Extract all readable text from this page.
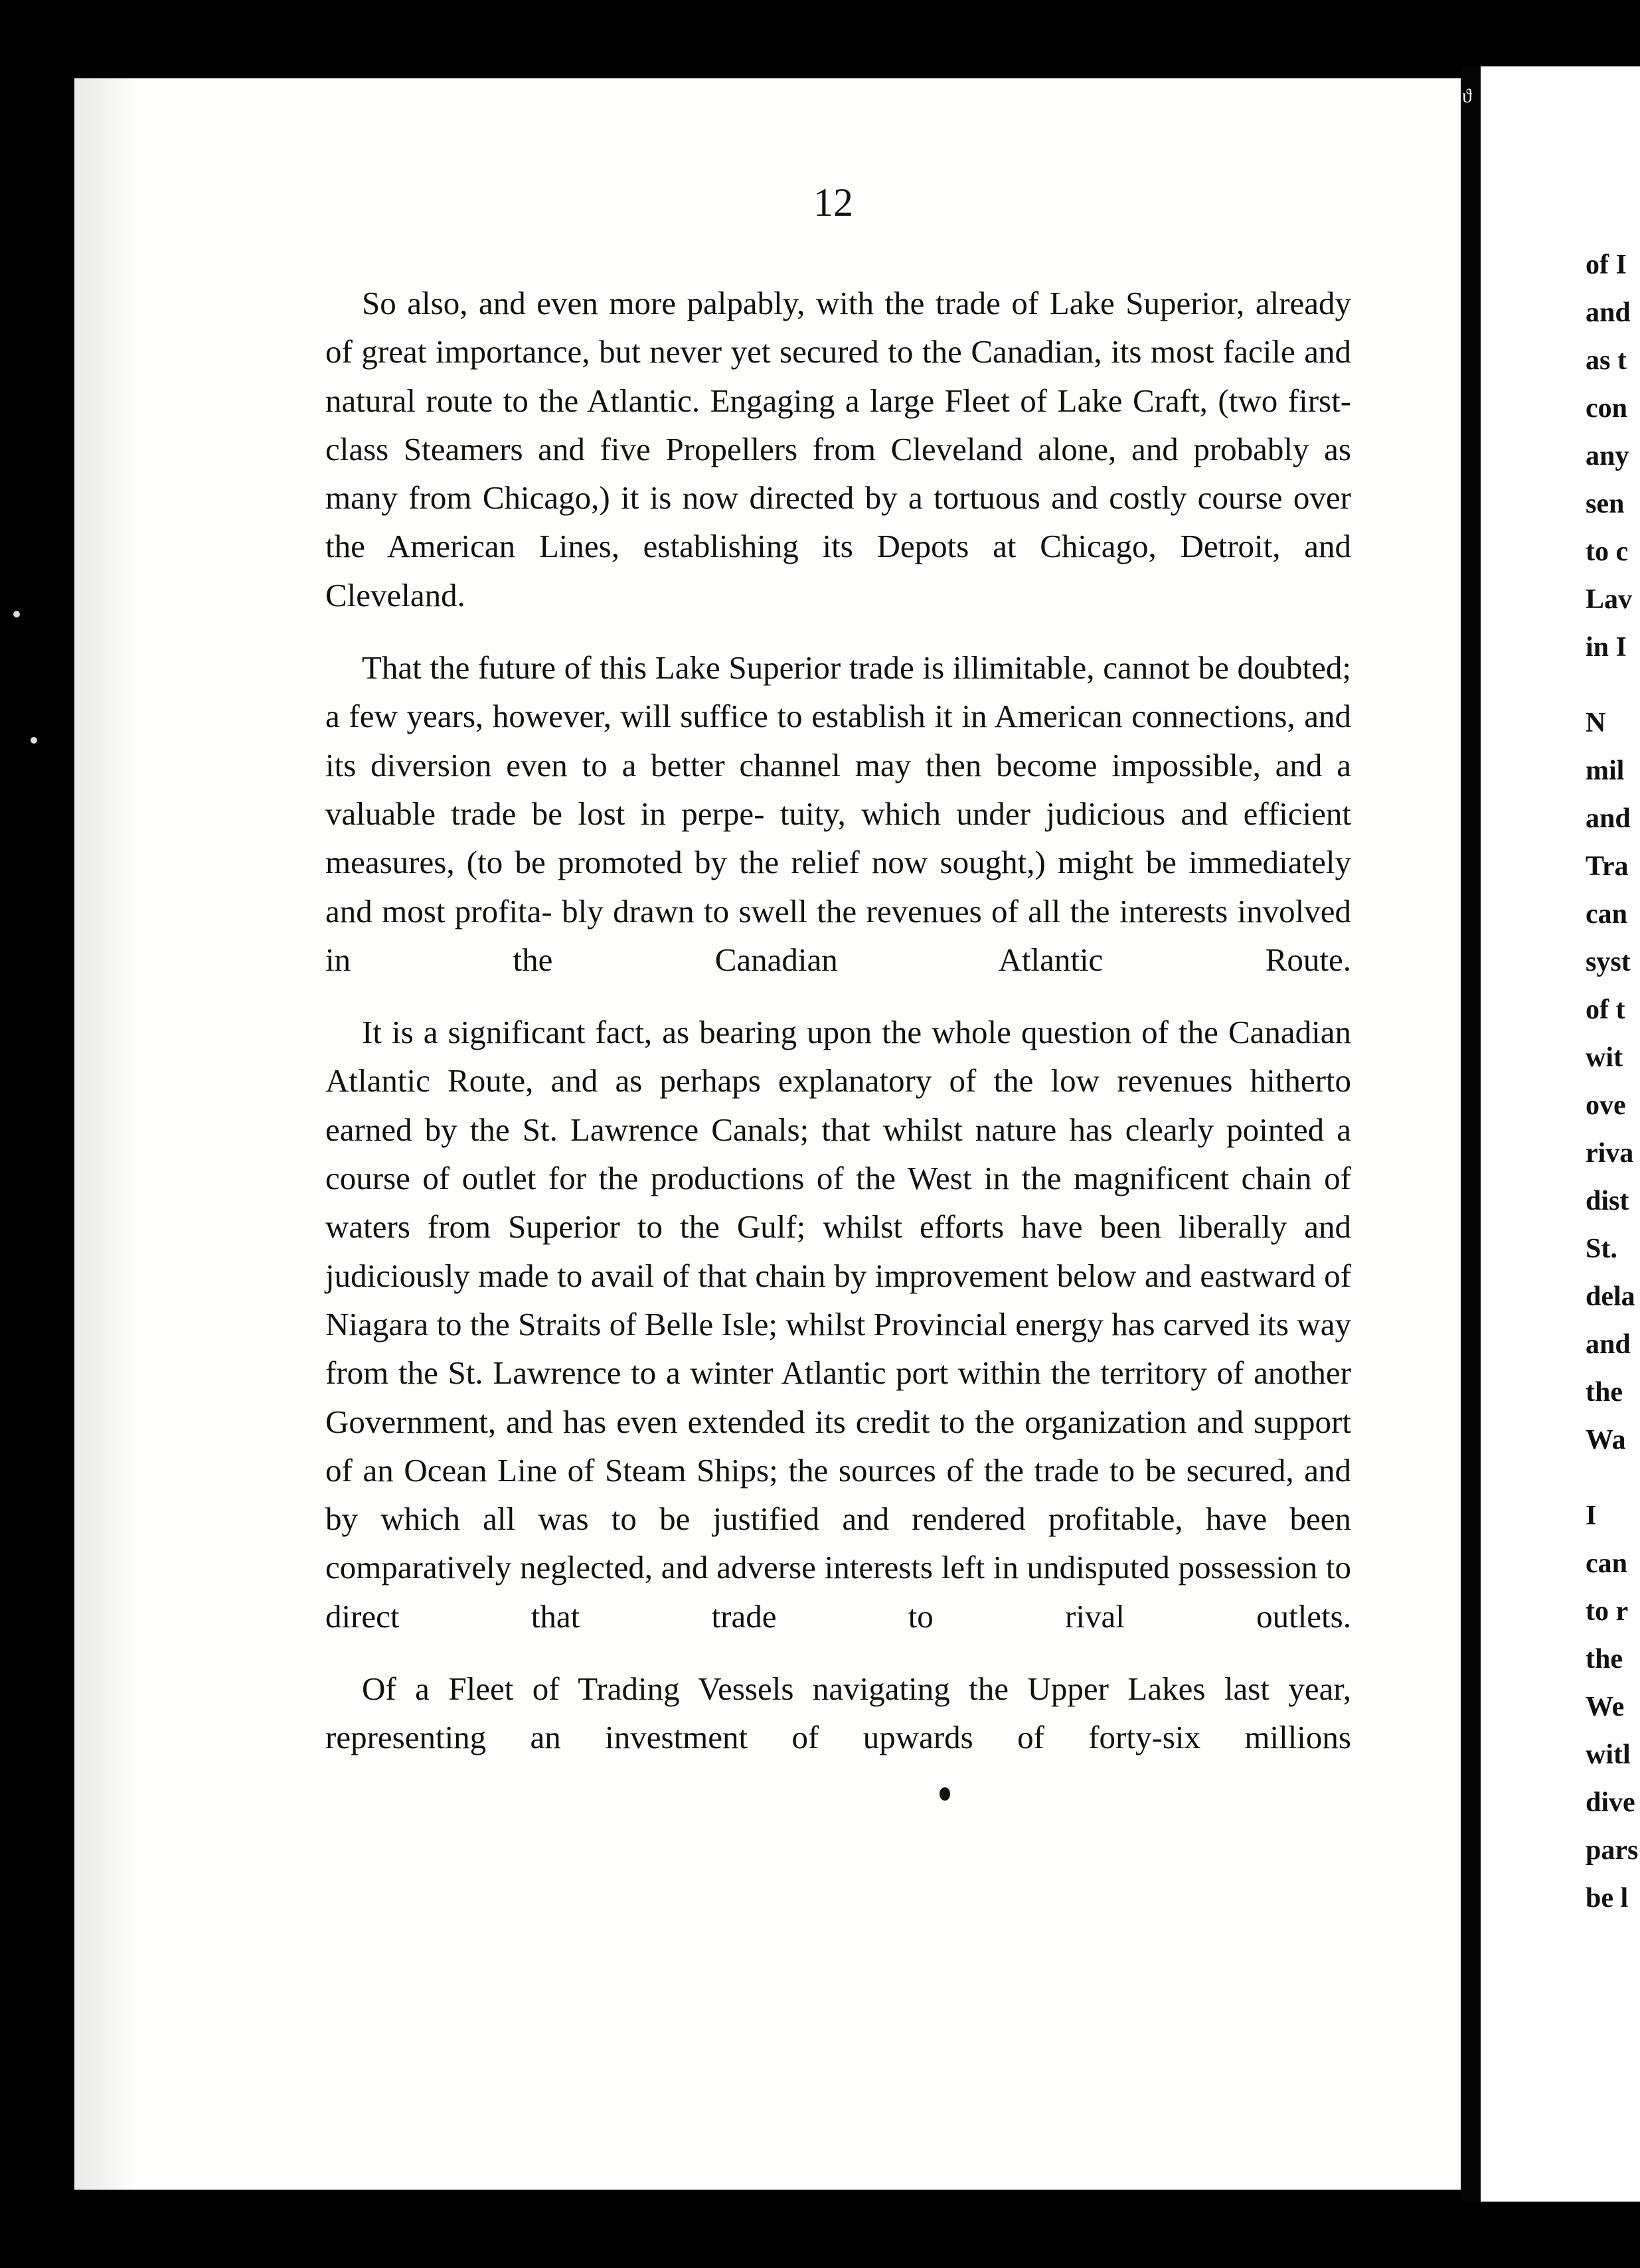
12

So also, and even more palpably, with the trade of Lake Superior, already of great importance, but never yet secured to the Canadian, its most facile and natural route to the Atlantic. Engaging a large Fleet of Lake Craft, (two first-class Steamers and five Propellers from Cleveland alone, and probably as many from Chicago,) it is now directed by a tortuous and costly course over the American Lines, establishing its Depots at Chicago, Detroit, and Cleveland.

That the future of this Lake Superior trade is illimitable, cannot be doubted; a few years, however, will suffice to establish it in American connections, and its diversion even to a better channel may then become impossible, and a valuable trade be lost in perpe- tuity, which under judicious and efficient measures, (to be promoted by the relief now sought,) might be immediately and most profita- bly drawn to swell the revenues of all the interests involved in the	Canadian Atlantic Route.

It is a significant fact, as bearing upon the whole question of the Canadian Atlantic Route, and as perhaps explanatory of the low revenues hitherto earned by the St. Lawrence Canals; that whilst nature has clearly pointed a course of outlet for the productions of the West in the magnificent chain of waters from Superior to the Gulf; whilst efforts have been liberally and judiciously made to avail of that chain by improvement below and eastward of Niagara to the Straits of Belle Isle; whilst Provincial energy has carved its way from the St. Lawrence to a winter Atlantic port within the territory of another Government, and has even extended its credit to the organization and support of an Ocean Line of Steam Ships; the sources of the trade to be secured, and by which all was to be justified and rendered profitable, have been comparatively neglected, and adverse interests left in undisputed possession to direct that	trade to rival outlets.

Of a Fleet of Trading Vessels navigating the Upper Lakes last year, representing an investment of upwards of forty-six millions

ϑ
of I
and
as t
con
any
sen
to c
Lav
in I
N
mil
and
Tra
can
syst
of t
wit
ove
riva
dist
St.
dela
and
the
Wa
I
can
to r
the
We
witl
dive
pars
be l
